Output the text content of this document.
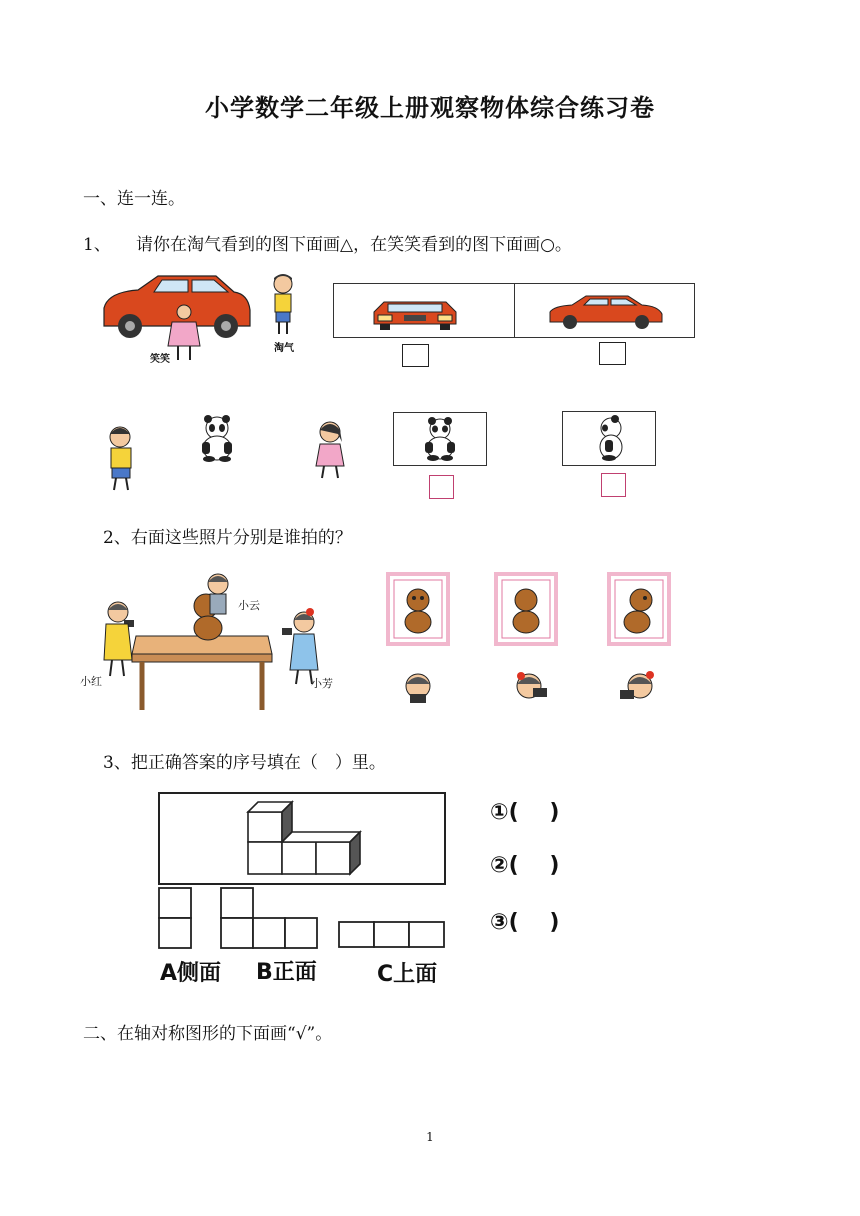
小学数学二年级上册观察物体综合练习卷
一、连一连。
1、 请你在淘气看到的图下面画△，在笑笑看到的图下面画○。
笑笑
淘气
2、右面这些照片分别是谁拍的？
小红
小云
小芳
3、把正确答案的序号填在（　）里。
A侧面 B正面	C上面
①(    )
②(    )
③(    )
二、在轴对称图形的下面画“√”。
1
